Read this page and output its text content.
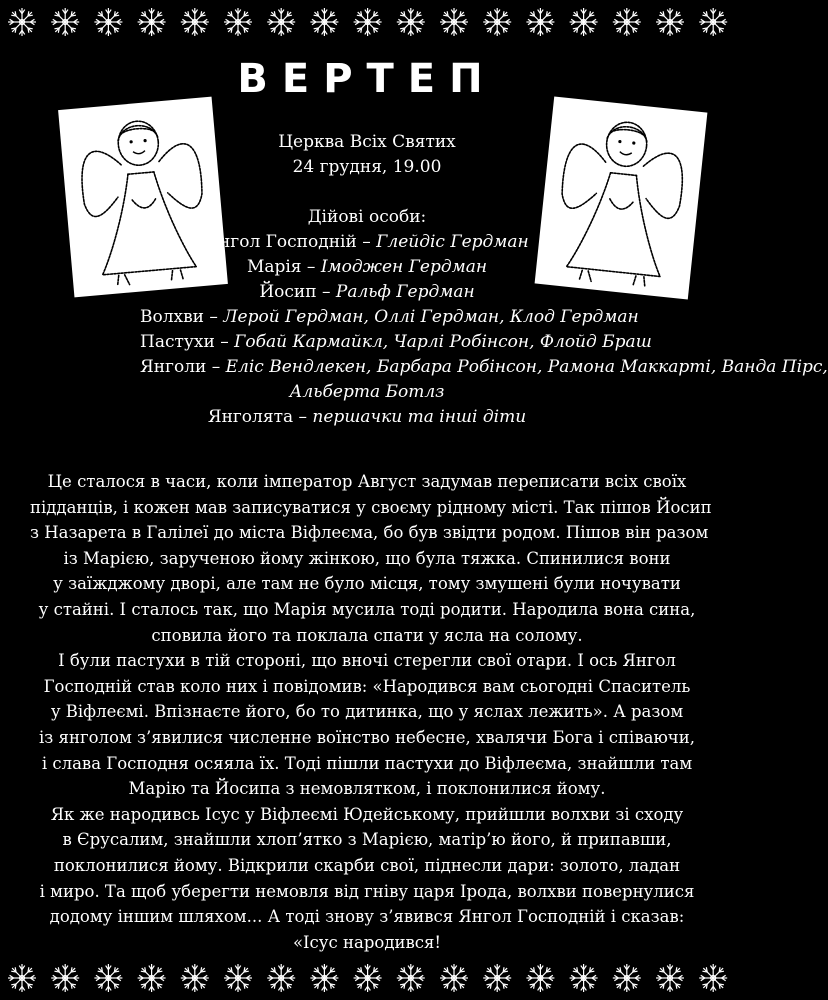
ВЕРТЕП
Церква Всіх Святих
24 грудня, 19.00
Дійові особи:
Янгол Господній – Глейдіс Гердман
Марія – Імоджен Гердман
Йосип – Ральф Гердман
Волхви – Лерой Гердман, Оллі Гердман, Клод Гердман
Пастухи – Гобай Кармайкл, Чарлі Робінсон, Флойд Браш
Янголи – Еліс Вендлекен, Барбара Робінсон, Рамона Маккарті, Ванда Пірс,
Альберта Ботлз
Янголята – першачки та інші діти
Це сталося в часи, коли імператор Август задумав переписати всіх своїх
підданців, і кожен мав записуватися у своєму рідному місті. Так пішов Йосип
з Назарета в Галілеї до міста Віфлеєма, бо був звідти родом. Пішов він разом
із Марією, зарученою йому жінкою, що була тяжка. Спинилися вони
у заїжджому дворі, але там не було місця, тому змушені були ночувати
у стайні. І сталось так, що Марія мусила тоді родити. Народила вона сина,
сповила його та поклала спати у ясла на солому.
І були пастухи в тій стороні, що вночі стерегли свої отари. І ось Янгол
Господній став коло них і повідомив: «Народився вам сьогодні Спаситель
у Віфлеємі. Впізнаєте його, бо то дитинка, що у яслах лежить». А разом
із янголом з’явилися численне воїнство небесне, хвалячи Бога і співаючи,
і слава Господня осяяла їх. Тоді пішли пастухи до Віфлеєма, знайшли там
Марію та Йосипа з немовлятком, і поклонилися йому.
Як же народивсь Ісус у Віфлеємі Юдейському, прийшли волхви зі сходу
в Єрусалим, знайшли хлоп’ятко з Марією, матір’ю його, й припавши,
поклонилися йому. Відкрили скарби свої, піднесли дари: золото, ладан
і миро. Та щоб уберегти немовля від гніву царя Ірода, волхви повернулися
додому іншим шляхом... А тоді знову з’явився Янгол Господній і сказав:
«Ісус народився!
